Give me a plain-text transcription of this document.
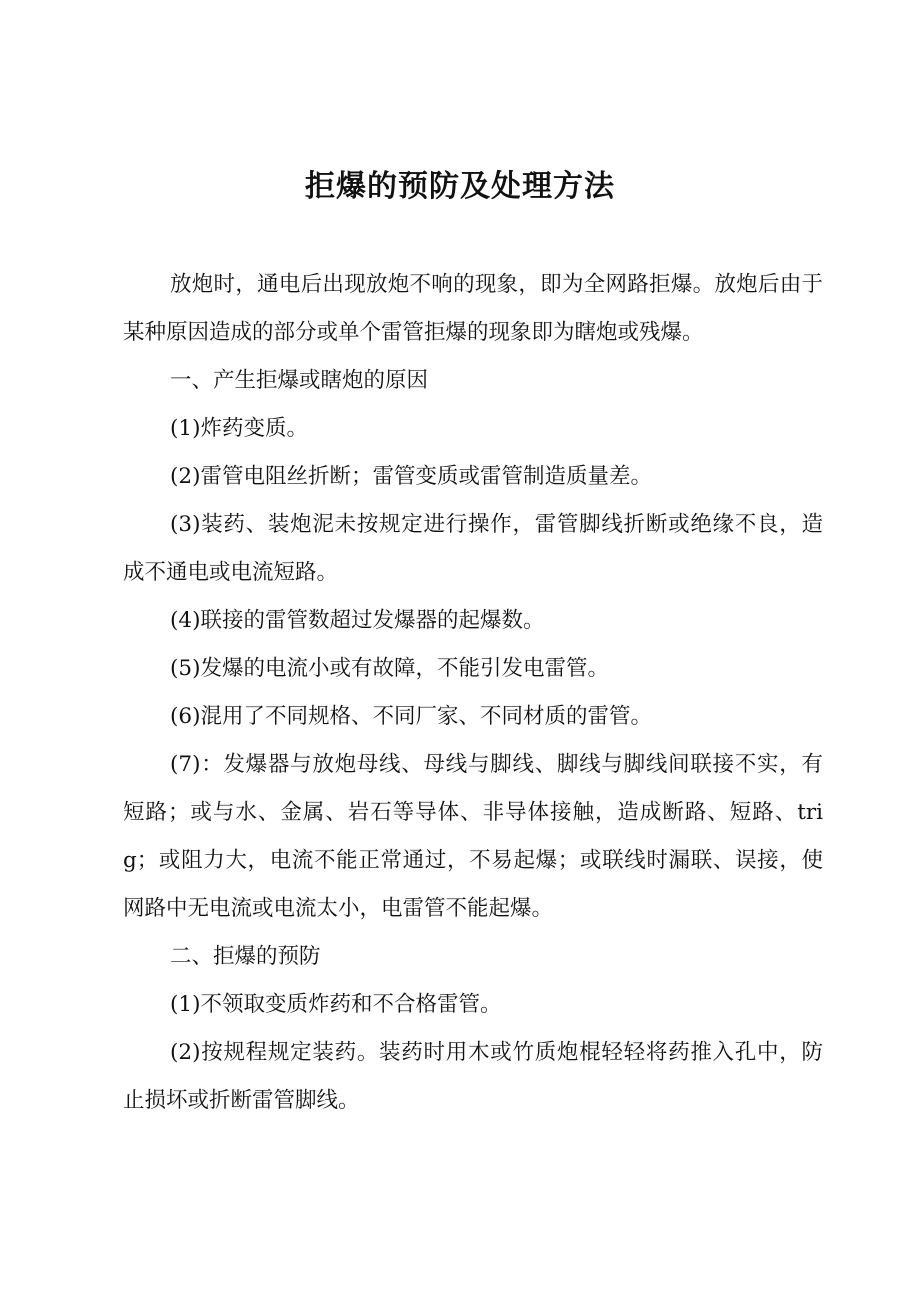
拒爆的预防及处理方法

放炮时，通电后出现放炮不响的现象，即为全网路拒爆。放炮后由于某种原因造成的部分或单个雷管拒爆的现象即为瞎炮或残爆。

一、产生拒爆或瞎炮的原因

(1)炸药变质。

(2)雷管电阻丝折断；雷管变质或雷管制造质量差。

(3)装药、装炮泥未按规定进行操作，雷管脚线折断或绝缘不良，造成不通电或电流短路。

(4)联接的雷管数超过发爆器的起爆数。

(5)发爆的电流小或有故障，不能引发电雷管。

(6)混用了不同规格、不同厂家、不同材质的雷管。

(7)：发爆器与放炮母线、母线与脚线、脚线与脚线间联接不实，有短路；或与水、金属、岩石等导体、非导体接触，造成断路、短路、trig；或阻力大，电流不能正常通过，不易起爆；或联线时漏联、误接，使网路中无电流或电流太小，电雷管不能起爆。

二、拒爆的预防

(1)不领取变质炸药和不合格雷管。

(2)按规程规定装药。装药时用木或竹质炮棍轻轻将药推入孔中，防止损坏或折断雷管脚线。
